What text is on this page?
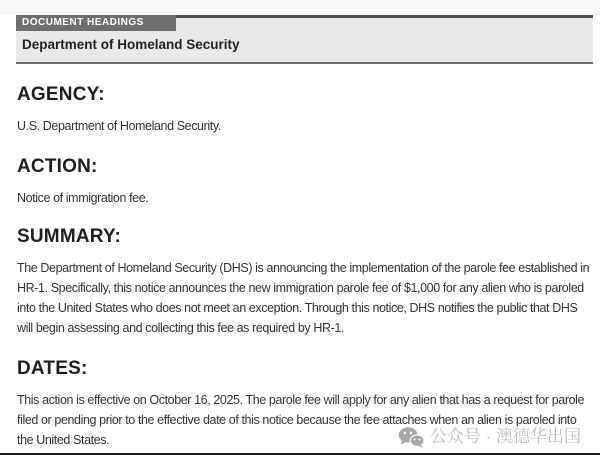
DOCUMENT HEADINGS
Department of Homeland Security
AGENCY:
U.S. Department of Homeland Security.
ACTION:
Notice of immigration fee.
SUMMARY:
The Department of Homeland Security (DHS) is announcing the implementation of the parole fee established in HR-1. Specifically, this notice announces the new immigration parole fee of $1,000 for any alien who is paroled into the United States who does not meet an exception. Through this notice, DHS notifies the public that DHS will begin assessing and collecting this fee as required by HR-1.
DATES:
This action is effective on October 16, 2025. The parole fee will apply for any alien that has a request for parole filed or pending prior to the effective date of this notice because the fee attaches when an alien is paroled into the United States.	公众号 · 澳德华出国
